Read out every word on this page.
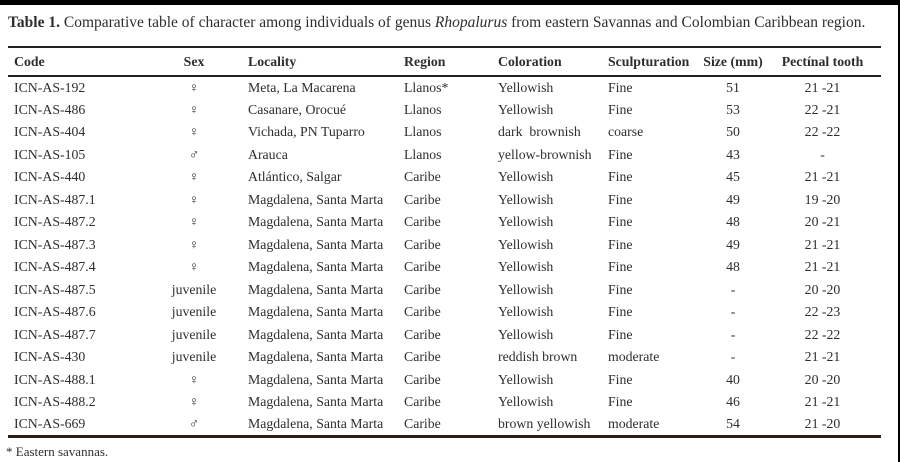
Table 1. Comparative table of character among individuals of genus Rhopalurus from eastern Savannas and Colombian Caribbean region.
Code	Sex	Locality	Region	Coloration	Sculpturation	Size (mm)	Pectínal tooth
ICN-AS-192	♀	Meta, La Macarena	Llanos*	Yellowish	Fine	51	21 -21
ICN-AS-486	♀	Casanare, Orocué	Llanos	Yellowish	Fine	53	22 -21
ICN-AS-404	♀	Vichada, PN Tuparro	Llanos	dark  brownish	coarse	50	22 -22
ICN-AS-105	♂	Arauca	Llanos	yellow-brownish	Fine	43	-
ICN-AS-440	♀	Atlántico, Salgar	Caribe	Yellowish	Fine	45	21 -21
ICN-AS-487.1	♀	Magdalena, Santa Marta	Caribe	Yellowish	Fine	49	19 -20
ICN-AS-487.2	♀	Magdalena, Santa Marta	Caribe	Yellowish	Fine	48	20 -21
ICN-AS-487.3	♀	Magdalena, Santa Marta	Caribe	Yellowish	Fine	49	21 -21
ICN-AS-487.4	♀	Magdalena, Santa Marta	Caribe	Yellowish	Fine	48	21 -21
ICN-AS-487.5	juvenile	Magdalena, Santa Marta	Caribe	Yellowish	Fine	-	20 -20
ICN-AS-487.6	juvenile	Magdalena, Santa Marta	Caribe	Yellowish	Fine	-	22 -23
ICN-AS-487.7	juvenile	Magdalena, Santa Marta	Caribe	Yellowish	Fine	-	22 -22
ICN-AS-430	juvenile	Magdalena, Santa Marta	Caribe	reddish brown	moderate	-	21 -21
ICN-AS-488.1	♀	Magdalena, Santa Marta	Caribe	Yellowish	Fine	40	20 -20
ICN-AS-488.2	♀	Magdalena, Santa Marta	Caribe	Yellowish	Fine	46	21 -21
ICN-AS-669	♂	Magdalena, Santa Marta	Caribe	brown yellowish	moderate	54	21 -20
* Eastern savannas.
